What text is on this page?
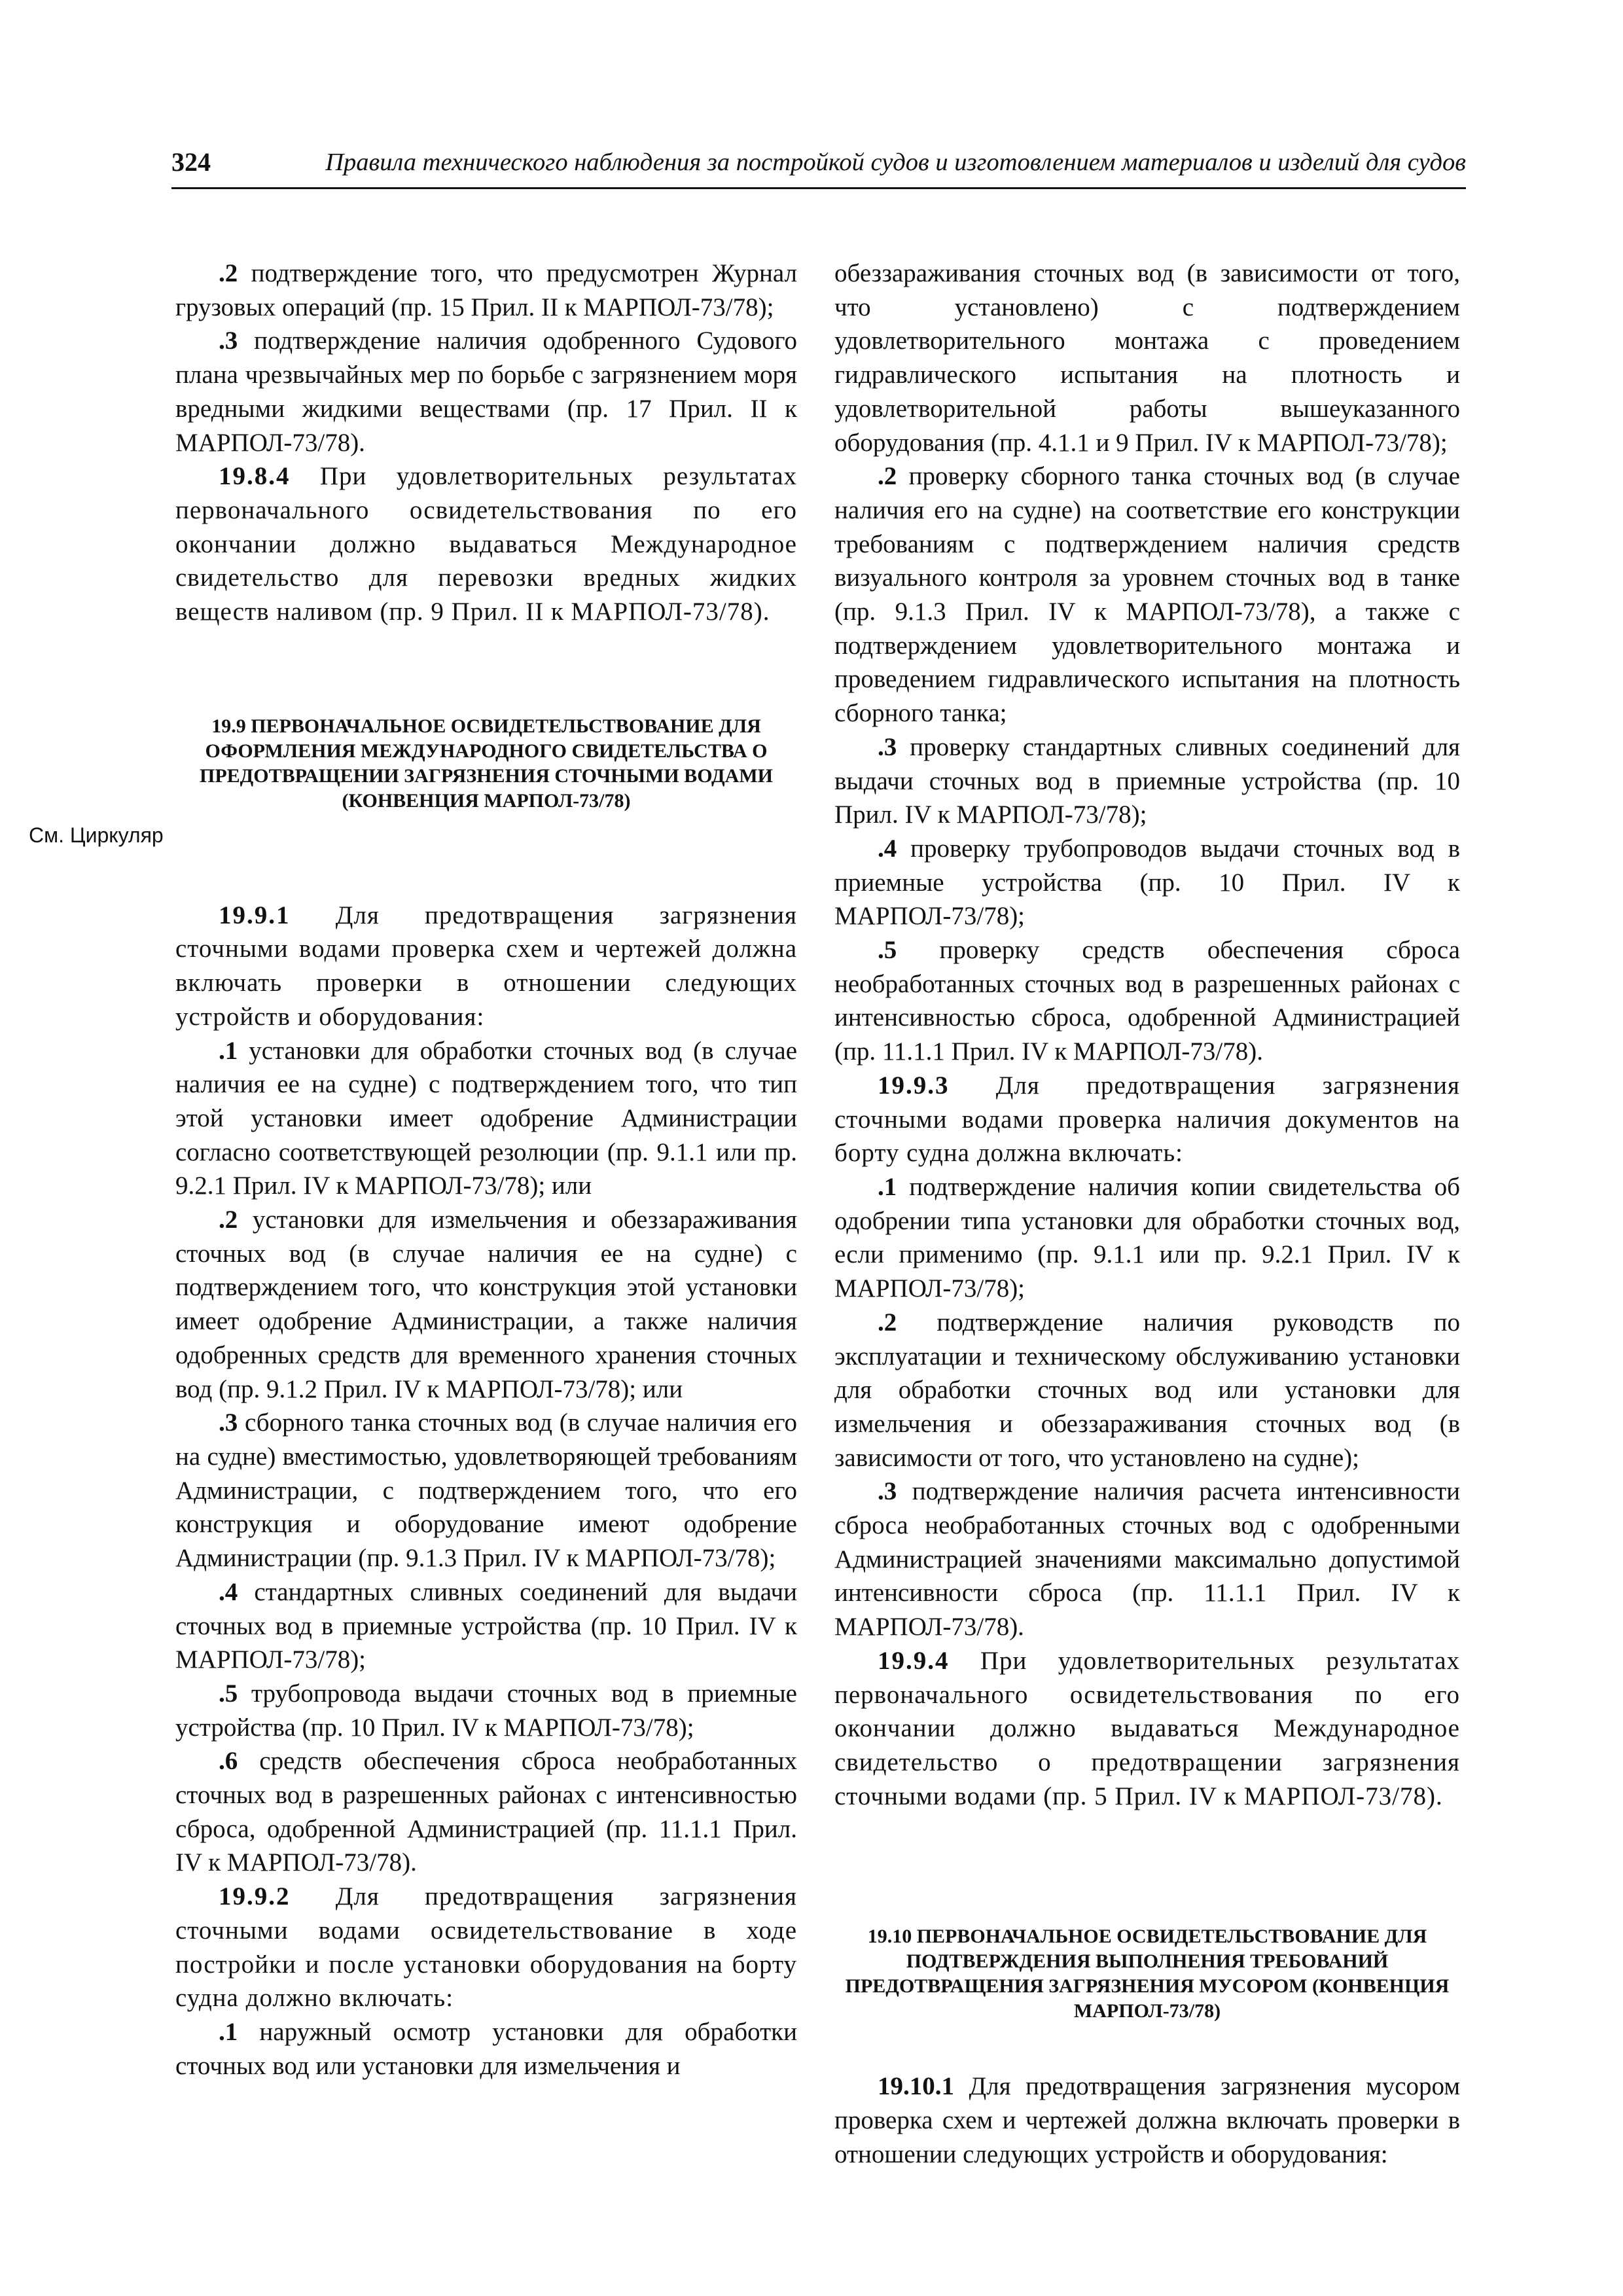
324	Правила технического наблюдения за постройкой судов и изготовлением материалов и изделий для судов
См. Циркуляр

.2 подтверждение того, что предусмотрен Журнал грузовых операций (пр. 15 Прил. II к МАРПОЛ-73/78);

.3 подтверждение наличия одобренного Судового плана чрезвычайных мер по борьбе с загрязнением моря вредными жидкими веществами (пр. 17 Прил. II к МАРПОЛ-73/78).

19.8.4 При удовлетворительных результатах первоначального освидетельствования по его окончании должно выдаваться Международное свидетельство для перевозки вредных жидких веществ наливом (пр. 9 Прил. II к МАРПОЛ-73/78).

19.9 ПЕРВОНАЧАЛЬНОЕ ОСВИДЕТЕЛЬСТВОВАНИЕ ДЛЯ ОФОРМЛЕНИЯ МЕЖДУНАРОДНОГО СВИДЕТЕЛЬСТВА О ПРЕДОТВРАЩЕНИИ ЗАГРЯЗНЕНИЯ СТОЧНЫМИ ВОДАМИ (КОНВЕНЦИЯ МАРПОЛ-73/78)

19.9.1 Для предотвращения загрязнения сточными водами проверка схем и чертежей должна включать проверки в отношении следующих устройств и оборудования:

.1 установки для обработки сточных вод (в случае наличия ее на судне) с подтверждением того, что тип этой установки имеет одобрение Администрации согласно соответствующей резолюции (пр. 9.1.1 или пр. 9.2.1 Прил. IV к МАРПОЛ-73/78); или

.2 установки для измельчения и обеззараживания сточных вод (в случае наличия ее на судне) с подтверждением того, что конструкция этой установки имеет одобрение Администрации, а также наличия одобренных средств для временного хранения сточных вод (пр. 9.1.2 Прил. IV к МАРПОЛ-73/78); или

.3 сборного танка сточных вод (в случае наличия его на судне) вместимостью, удовлетворяющей требованиям Администрации, с подтверждением того, что его конструкция и оборудование имеют одобрение Администрации (пр. 9.1.3 Прил. IV к МАРПОЛ-73/78);

.4 стандартных сливных соединений для выдачи сточных вод в приемные устройства (пр. 10 Прил. IV к МАРПОЛ-73/78);

.5 трубопровода выдачи сточных вод в приемные устройства (пр. 10 Прил. IV к МАРПОЛ-73/78);

.6 средств обеспечения сброса необработанных сточных вод в разрешенных районах с интенсивностью сброса, одобренной Администрацией (пр. 11.1.1 Прил. IV к МАРПОЛ-73/78).

19.9.2 Для предотвращения загрязнения сточными водами освидетельствование в ходе постройки и после установки оборудования на борту судна должно включать:

.1 наружный осмотр установки для обработки сточных вод или установки для измельчения и

обеззараживания сточных вод (в зависимости от того, что установлено) с подтверждением удовлетворительного монтажа с проведением гидравлического испытания на плотность и удовлетворительной работы вышеуказанного оборудования (пр. 4.1.1 и 9 Прил. IV к МАРПОЛ-73/78);

.2 проверку сборного танка сточных вод (в случае наличия его на судне) на соответствие его конструкции требованиям с подтверждением наличия средств визуального контроля за уровнем сточных вод в танке (пр. 9.1.3 Прил. IV к МАРПОЛ-73/78), а также с подтверждением удовлетворительного монтажа и проведением гидравлического испытания на плотность сборного танка;

.3 проверку стандартных сливных соединений для выдачи сточных вод в приемные устройства (пр. 10 Прил. IV к МАРПОЛ-73/78);

.4 проверку трубопроводов выдачи сточных вод в приемные устройства (пр. 10 Прил. IV к МАРПОЛ-73/78);

.5 проверку средств обеспечения сброса необработанных сточных вод в разрешенных районах с интенсивностью сброса, одобренной Администрацией (пр. 11.1.1 Прил. IV к МАРПОЛ-73/78).

19.9.3 Для предотвращения загрязнения сточными водами проверка наличия документов на борту судна должна включать:

.1 подтверждение наличия копии свидетельства об одобрении типа установки для обработки сточных вод, если применимо (пр. 9.1.1 или пр. 9.2.1 Прил. IV к МАРПОЛ-73/78);

.2 подтверждение наличия руководств по эксплуатации и техническому обслуживанию установки для обработки сточных вод или установки для измельчения и обеззараживания сточных вод (в зависимости от того, что установлено на судне);

.3 подтверждение наличия расчета интенсивности сброса необработанных сточных вод с одобренными Администрацией значениями максимально допустимой интенсивности сброса (пр. 11.1.1 Прил. IV к МАРПОЛ-73/78).

19.9.4 При удовлетворительных результатах первоначального освидетельствования по его окончании должно выдаваться Международное свидетельство о предотвращении загрязнения сточными водами (пр. 5 Прил. IV к МАРПОЛ-73/78).

19.10 ПЕРВОНАЧАЛЬНОЕ ОСВИДЕТЕЛЬСТВОВАНИЕ ДЛЯ ПОДТВЕРЖДЕНИЯ ВЫПОЛНЕНИЯ ТРЕБОВАНИЙ ПРЕДОТВРАЩЕНИЯ ЗАГРЯЗНЕНИЯ МУСОРОМ (КОНВЕНЦИЯ МАРПОЛ-73/78)

19.10.1 Для предотвращения загрязнения мусором проверка схем и чертежей должна включать проверки в отношении следующих устройств и оборудования:
